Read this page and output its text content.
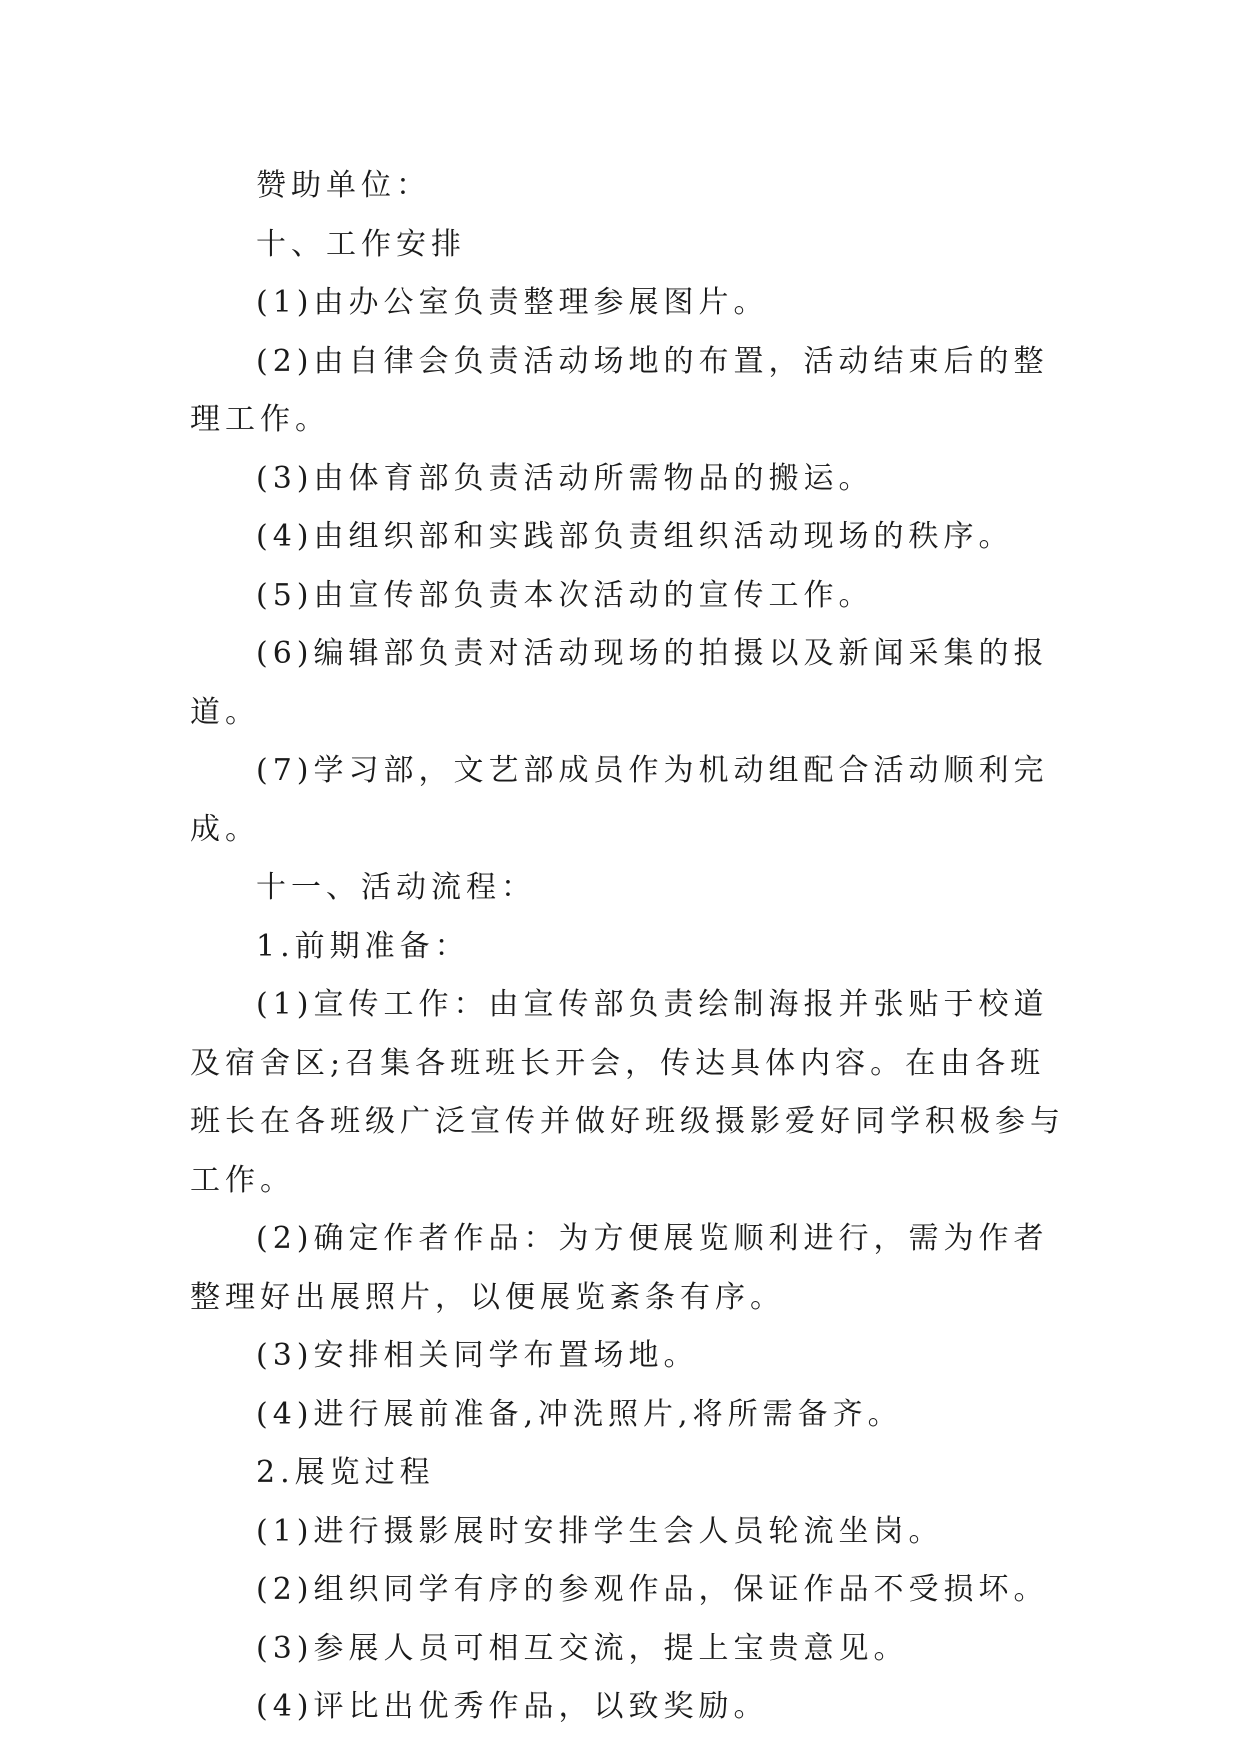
赞助单位：

十、工作安排

(1)由办公室负责整理参展图片。

(2)由自律会负责活动场地的布置，活动结束后的整理工作。

(3)由体育部负责活动所需物品的搬运。

(4)由组织部和实践部负责组织活动现场的秩序。

(5)由宣传部负责本次活动的宣传工作。

(6)编辑部负责对活动现场的拍摄以及新闻采集的报道。

(7)学习部，文艺部成员作为机动组配合活动顺利完成。

十一、活动流程：

1.前期准备：

(1)宣传工作：由宣传部负责绘制海报并张贴于校道及宿舍区;召集各班班长开会，传达具体内容。在由各班班长在各班级广泛宣传并做好班级摄影爱好同学积极参与工作。

(2)确定作者作品：为方便展览顺利进行，需为作者整理好出展照片，以便展览紊条有序。

(3)安排相关同学布置场地。

(4)进行展前准备,冲洗照片,将所需备齐。

2.展览过程

(1)进行摄影展时安排学生会人员轮流坐岗。

(2)组织同学有序的参观作品，保证作品不受损坏。

(3)参展人员可相互交流，提上宝贵意见。

(4)评比出优秀作品，以致奖励。
